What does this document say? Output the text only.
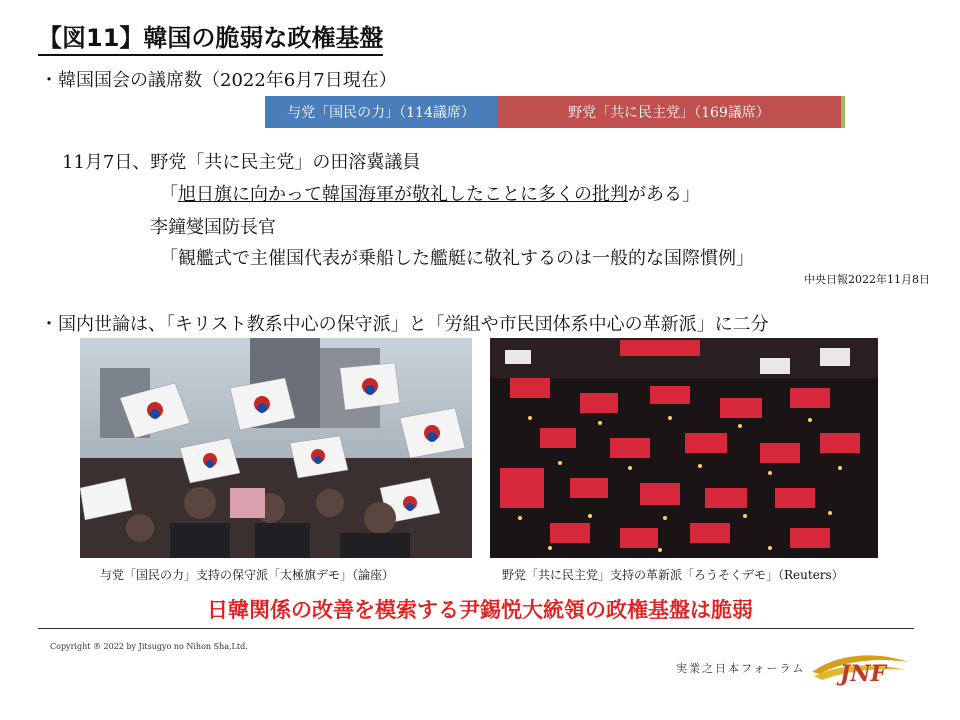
【図11】韓国の脆弱な政権基盤
・韓国国会の議席数（2022年6月7日現在）
与党「国民の力」（114議席）	野党「共に民主党」（169議席）
11月7日、野党「共に民主党」の田溶冀議員
「旭日旗に向かって韓国海軍が敬礼したことに多くの批判がある」
李鐘燮国防長官
「観艦式で主催国代表が乗船した艦艇に敬礼するのは一般的な国際慣例」
中央日報2022年11月8日
・国内世論は、「キリスト教系中心の保守派」と「労組や市民団体系中心の革新派」に二分
与党「国民の力」支持の保守派「太極旗デモ」（論座）	野党「共に民主党」支持の革新派「ろうそくデモ」（Reuters）
日韓関係の改善を模索する尹錫悦大統領の政権基盤は脆弱
Copyright ® 2022 by Jitsugyo no Nihon Sha,Ltd.
実業之日本フォーラム JNF
